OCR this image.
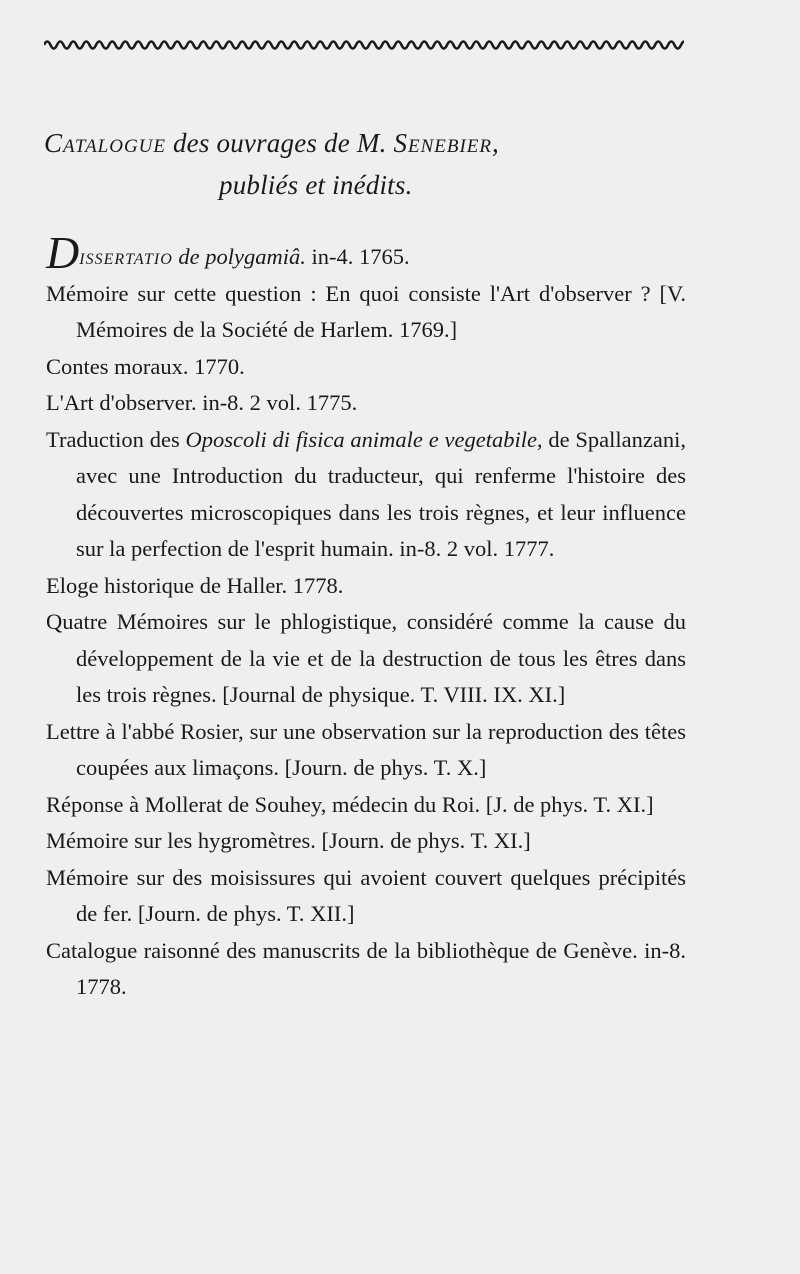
Catalogue des ouvrages de M. Senebier,
publiés et inédits.

Dissertatio de polygamiâ. in-4. 1765.

Mémoire sur cette question : En quoi consiste l'Art d'observer ? [V. Mémoires de la Société de Harlem. 1769.]

Contes moraux. 1770.

L'Art d'observer. in-8. 2 vol. 1775.

Traduction des Oposcoli di fisica animale e vegetabile, de Spallanzani, avec une Introduction du traducteur, qui renferme l'histoire des découvertes microscopiques dans les trois règnes, et leur influence sur la perfection de l'esprit humain. in-8. 2 vol. 1777.

Eloge historique de Haller. 1778.

Quatre Mémoires sur le phlogistique, considéré comme la cause du développement de la vie et de la destruction de tous les êtres dans les trois règnes. [Journal de physique. T. VIII. IX. XI.]

Lettre à l'abbé Rosier, sur une observation sur la reproduction des têtes coupées aux limaçons. [Journ. de phys. T. X.]

Réponse à Mollerat de Souhey, médecin du Roi. [J. de phys. T. XI.]

Mémoire sur les hygromètres. [Journ. de phys. T. XI.]

Mémoire sur des moisissures qui avoient couvert quelques précipités de fer. [Journ. de phys. T. XII.]

Catalogue raisonné des manuscrits de la bibliothèque de Genève. in-8. 1778.
